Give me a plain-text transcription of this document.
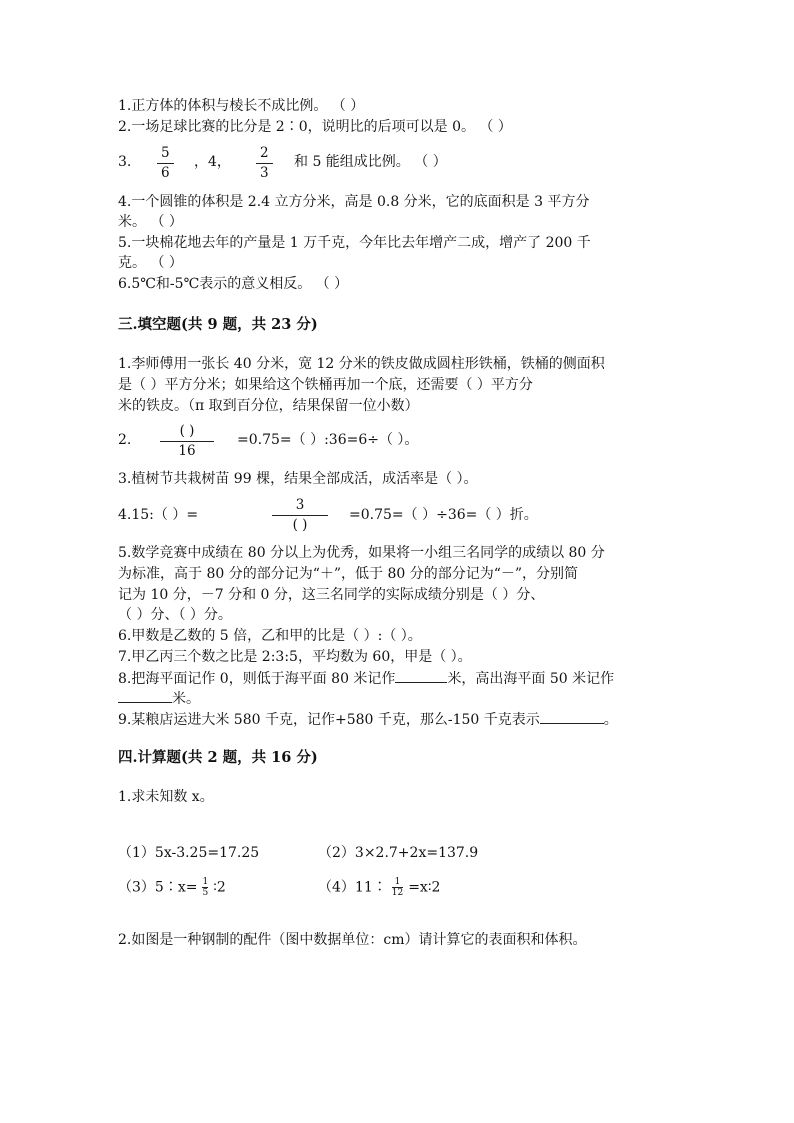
1.正方体的体积与棱长不成比例。 （ ）
2.一场足球比赛的比分是 2∶0，说明比的后项可以是 0。 （ ）
3.
5
6
，4，
2
3
和 5 能组成比例。 （ ）
4.一个圆锥的体积是 2.4 立方分米，高是 0.8 分米，它的底面积是 3 平方分
米。 （ ）
5.一块棉花地去年的产量是 1 万千克，今年比去年增产二成，增产了 200 千
克。 （ ）
6.5℃和-5℃表示的意义相反。 （ ）
三.填空题(共 9 题，共 23 分)
1.李师傅用一张长 40 分米，宽 12 分米的铁皮做成圆柱形铁桶，铁桶的侧面积
是（ ）平方分米；如果给这个铁桶再加一个底，还需要（ ）平方分
米的铁皮。（π 取到百分位，结果保留一位小数）
2.
( )
16
=0.75=（ ）:36=6÷（ ）。
3.植树节共栽树苗 99 棵，结果全部成活，成活率是（ ）。
4.15:（ ）=
3
( )
=0.75=（ ）÷36=（ ）折。
5.数学竞赛中成绩在 80 分以上为优秀，如果将一小组三名同学的成绩以 80 分
为标准，高于 80 分的部分记为“＋”，低于 80 分的部分记为“－”，分别简
记为 10 分，－7 分和 0 分，这三名同学的实际成绩分别是（ ）分、
（ ）分、（ ）分。
6.甲数是乙数的 5 倍，乙和甲的比是（ ）:（ ）。
7.甲乙丙三个数之比是 2:3:5，平均数为 60，甲是（ ）。
8.把海平面记作 0，则低于海平面 80 米记作	米，高出海平面 50 米记作
米。
9.某粮店运进大米 580 千克，记作+580 千克，那么-150 千克表示	。
四.计算题(共 2 题，共 16 分)
1.求未知数 x。
（1）5x-3.25=17.25	（2）3×2.7+2x=137.9
（3）5∶x= $\frac{1}{5}$ ∶2	（4）11∶ $\frac{1}{12}$ =x∶2
2.如图是一种钢制的配件（图中数据单位：cm）请计算它的表面积和体积。
